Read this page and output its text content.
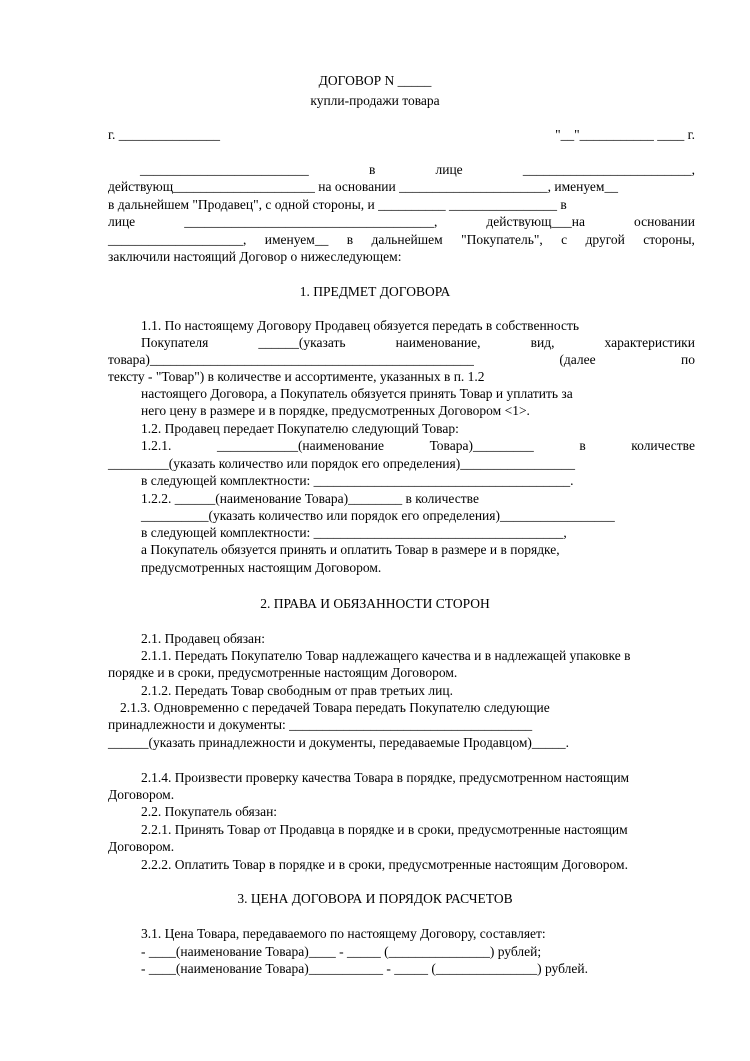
ДОГОВОР N _____
купли-продажи товара
г. _______________	"__"___________ ____ г.
_________________________	в	лице	_________________________,
действующ_____________________ на основании ______________________, именуем__
в дальнейшем "Продавец", с одной стороны, и __________ ________________ в
лице	_____________________________________,	действующ___на	основании
____________________, именуем__ в дальнейшем "Покупатель", с другой стороны,
заключили настоящий Договор о нижеследующем:
1. ПРЕДМЕТ ДОГОВОРА
1.1. По настоящему Договору Продавец обязуется передать в собственность
Покупателя	______(указать	наименование,	вид,	характеристики
товара)________________________________________________	(далее	по
тексту - "Товар") в количестве и ассортименте, указанных в п. 1.2
настоящего Договора, а Покупатель обязуется принять Товар и уплатить за
него цену в размере и в порядке, предусмотренных Договором <1>.
1.2. Продавец передает Покупателю следующий Товар:
1.2.1.	____________(наименование	Товара)_________	в	количестве
_________(указать количество или порядок его определения)_________________
в следующей комплектности: ______________________________________.
1.2.2. ______(наименование Товара)________ в количестве
__________(указать количество или порядок его определения)_________________
в следующей комплектности: _____________________________________,
а Покупатель обязуется принять и оплатить Товар в размере и в порядке,
предусмотренных настоящим Договором.
2. ПРАВА И ОБЯЗАННОСТИ СТОРОН
2.1. Продавец обязан:
2.1.1. Передать Покупателю Товар надлежащего качества и в надлежащей упаковке в
порядке и в сроки, предусмотренные настоящим Договором.
2.1.2. Передать Товар свободным от прав третьих лиц.
2.1.3. Одновременно с передачей Товара передать Покупателю следующие
принадлежности и документы: ____________________________________
______(указать принадлежности и документы, передаваемые Продавцом)_____.
2.1.4. Произвести проверку качества Товара в порядке, предусмотренном настоящим
Договором.
2.2. Покупатель обязан:
2.2.1. Принять Товар от Продавца в порядке и в сроки, предусмотренные настоящим
Договором.
2.2.2. Оплатить Товар в порядке и в сроки, предусмотренные настоящим Договором.
3. ЦЕНА ДОГОВОРА И ПОРЯДОК РАСЧЕТОВ
3.1. Цена Товара, передаваемого по настоящему Договору, составляет:
- ____(наименование Товара)____ - _____ (_______________) рублей;
- ____(наименование Товара)___________ - _____ (_______________) рублей.
